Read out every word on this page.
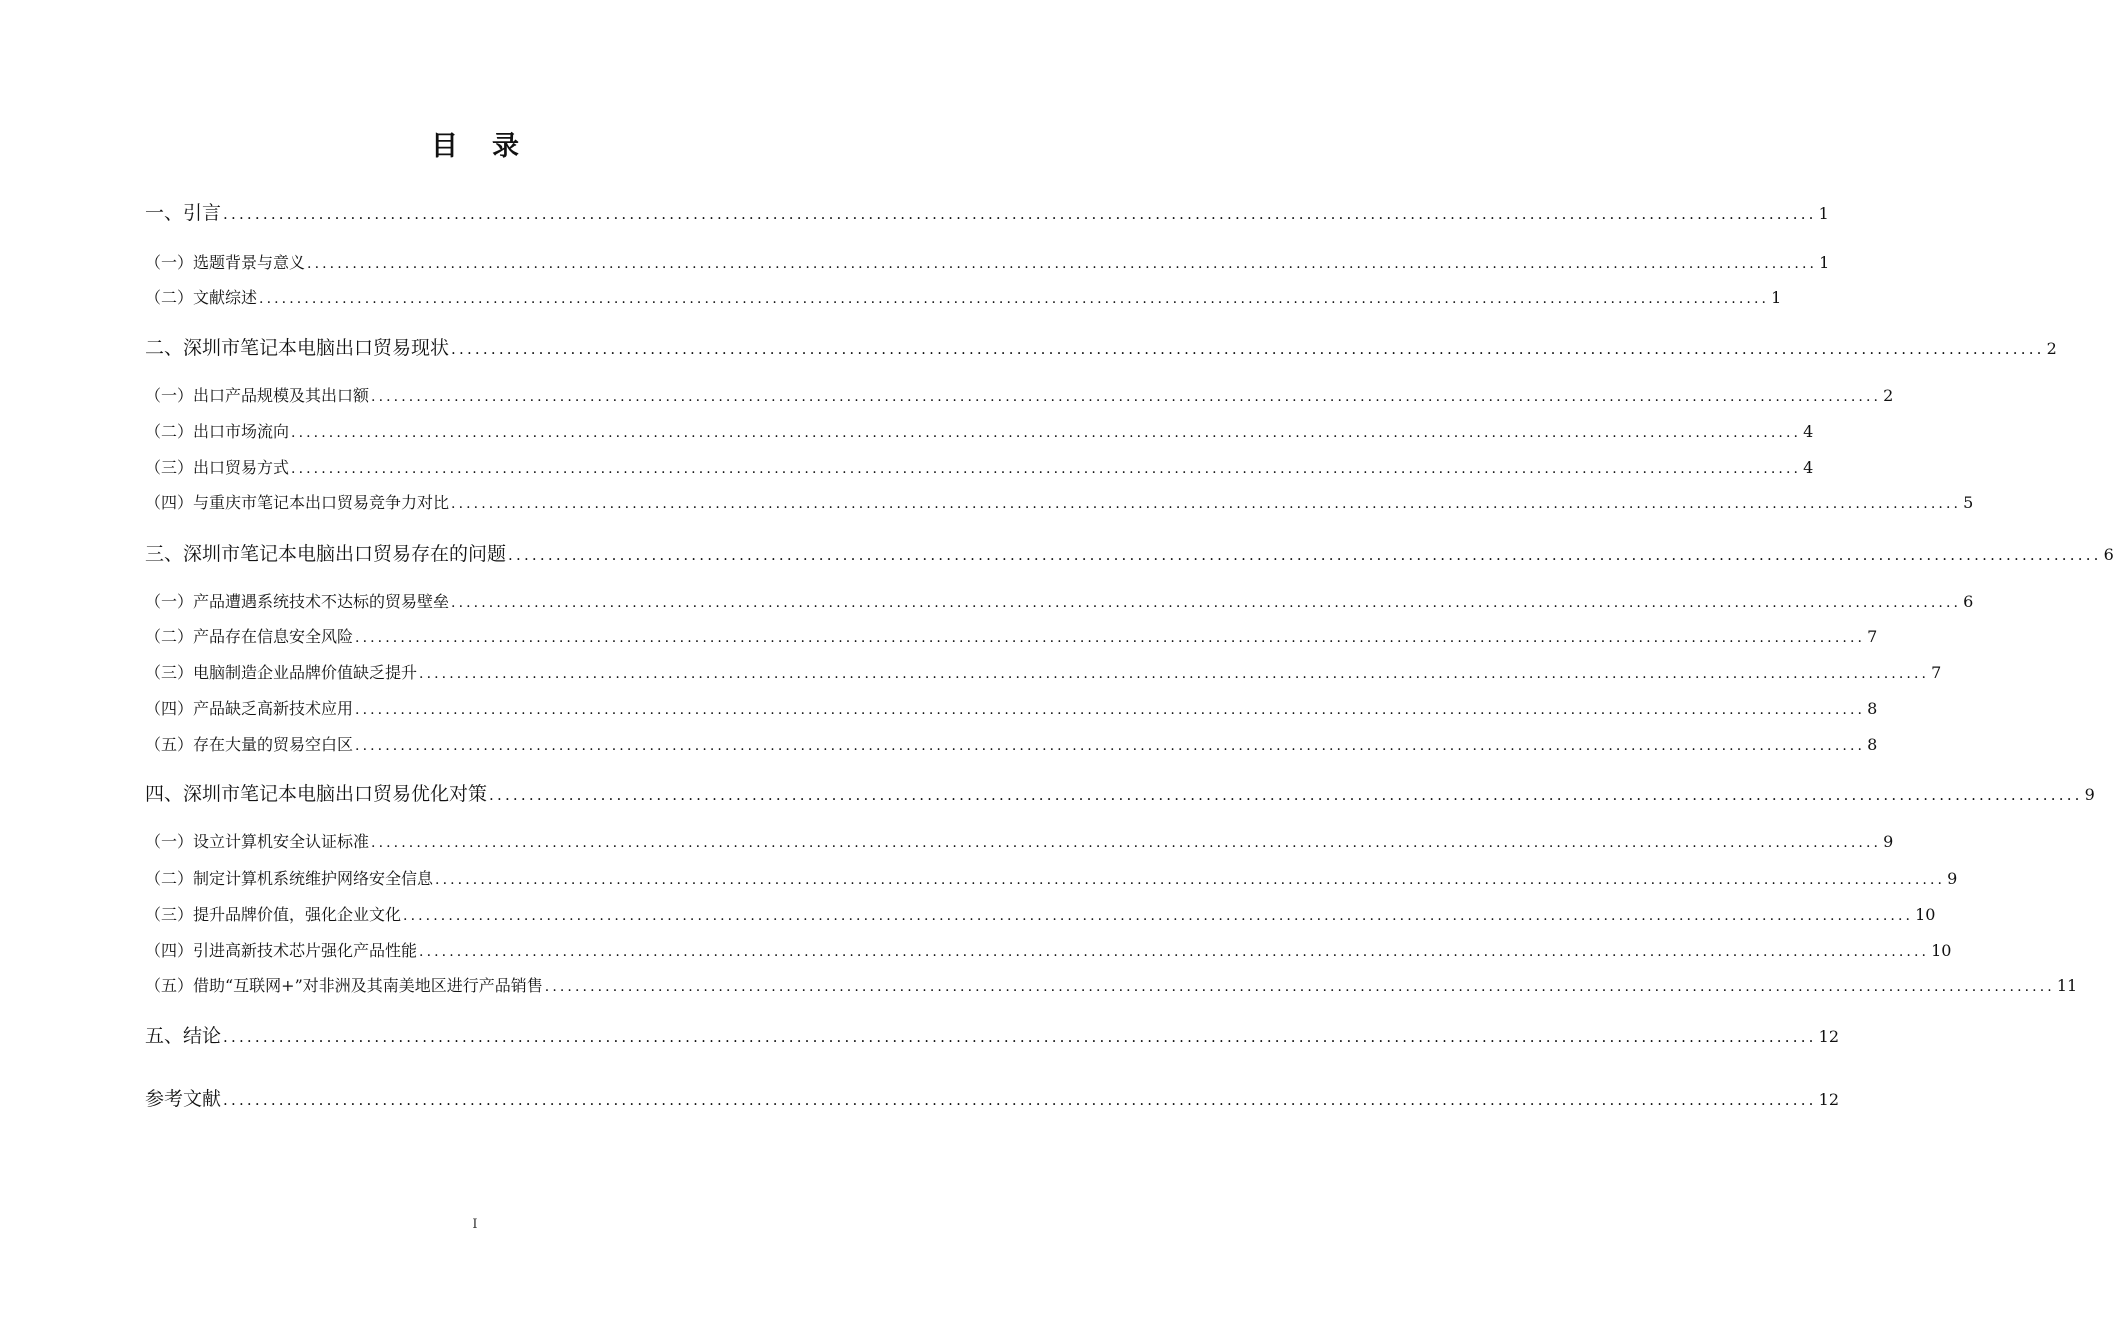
目 录
一、引言 ........................................................................................................................................................................................................ 1
（一）选题背景与意义 ........................................................................................................................................................................................................ 1
（二）文献综述 ........................................................................................................................................................................................................ 1
二、深圳市笔记本电脑出口贸易现状 ........................................................................................................................................................................................................ 2
（一）出口产品规模及其出口额 ........................................................................................................................................................................................................ 2
（二）出口市场流向 ........................................................................................................................................................................................................ 4
（三）出口贸易方式 ........................................................................................................................................................................................................ 4
（四）与重庆市笔记本出口贸易竞争力对比 ........................................................................................................................................................................................................ 5
三、深圳市笔记本电脑出口贸易存在的问题 ........................................................................................................................................................................................................ 6
（一）产品遭遇系统技术不达标的贸易壁垒 ........................................................................................................................................................................................................ 6
（二）产品存在信息安全风险 ........................................................................................................................................................................................................ 7
（三）电脑制造企业品牌价值缺乏提升 ........................................................................................................................................................................................................ 7
（四）产品缺乏高新技术应用 ........................................................................................................................................................................................................ 8
（五）存在大量的贸易空白区 ........................................................................................................................................................................................................ 8
四、深圳市笔记本电脑出口贸易优化对策 ........................................................................................................................................................................................................ 9
（一）设立计算机安全认证标准 ........................................................................................................................................................................................................ 9
（二）制定计算机系统维护网络安全信息 ........................................................................................................................................................................................................ 9
（三）提升品牌价值，强化企业文化 ........................................................................................................................................................................................................ 10
（四）引进高新技术芯片强化产品性能 ........................................................................................................................................................................................................ 10
（五）借助“互联网+”对非洲及其南美地区进行产品销售 ........................................................................................................................................................................................................ 11
五、结论 ........................................................................................................................................................................................................ 12
参考文献 ........................................................................................................................................................................................................ 12
I
